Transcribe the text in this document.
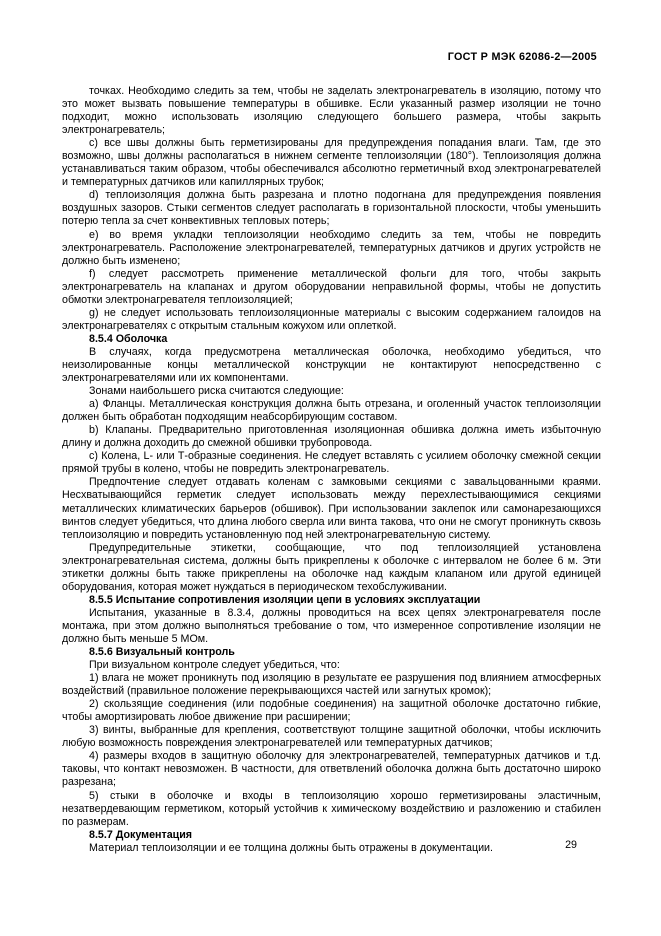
ГОСТ Р МЭК 62086-2—2005

точках. Необходимо следить за тем, чтобы не заделать электронагреватель в изоляцию, потому что это может вызвать повышение температуры в обшивке. Если указанный размер изоляции не точно подходит, можно использовать изоляцию следующего большего размера, чтобы закрыть электронагреватель;

c) все швы должны быть герметизированы для предупреждения попадания влаги. Там, где это возможно, швы должны располагаться в нижнем сегменте теплоизоляции (180°). Теплоизоляция должна устанавливаться таким образом, чтобы обеспечивался абсолютно герметичный вход электронагревателей и температурных датчиков или капиллярных трубок;

d) теплоизоляция должна быть разрезана и плотно подогнана для предупреждения появления воздушных зазоров. Стыки сегментов следует располагать в горизонтальной плоскости, чтобы уменьшить потерю тепла за счет конвективных тепловых потерь;

e) во время укладки теплоизоляции необходимо следить за тем, чтобы не повредить электронагреватель. Расположение электронагревателей, температурных датчиков и других устройств не должно быть изменено;

f) следует рассмотреть применение металлической фольги для того, чтобы закрыть электронагреватель на клапанах и другом оборудовании неправильной формы, чтобы не допустить обмотки электронагревателя теплоизоляцией;

g) не следует использовать теплоизоляционные материалы с высоким содержанием галоидов на электронагревателях с открытым стальным кожухом или оплеткой.

8.5.4 Оболочка

В случаях, когда предусмотрена металлическая оболочка, необходимо убедиться, что неизолированные концы металлической конструкции не контактируют непосредственно с электронагревателями или их компонентами.

Зонами наибольшего риска считаются следующие:

a) Фланцы. Металлическая конструкция должна быть отрезана, и оголенный участок теплоизоляции должен быть обработан подходящим неабсорбирующим составом.

b) Клапаны. Предварительно приготовленная изоляционная обшивка должна иметь избыточную длину и должна доходить до смежной обшивки трубопровода.

c) Колена, L- или Т-образные соединения. Не следует вставлять с усилием оболочку смежной секции прямой трубы в колено, чтобы не повредить электронагреватель.

Предпочтение следует отдавать коленам с замковыми секциями с завальцованными краями. Несхватывающийся герметик следует использовать между перехлестывающимися секциями металлических климатических барьеров (обшивок). При использовании заклепок или самонарезающихся винтов следует убедиться, что длина любого сверла или винта такова, что они не смогут проникнуть сквозь теплоизоляцию и повредить установленную под ней электронагревательную систему.

Предупредительные этикетки, сообщающие, что под теплоизоляцией установлена электронагревательная система, должны быть прикреплены к оболочке с интервалом не более 6 м. Эти этикетки должны быть также прикреплены на оболочке над каждым клапаном или другой единицей оборудования, которая может нуждаться в периодическом техобслуживании.

8.5.5 Испытание сопротивления изоляции цепи в условиях эксплуатации

Испытания, указанные в 8.3.4, должны проводиться на всех цепях электронагревателя после монтажа, при этом должно выполняться требование о том, что измеренное сопротивление изоляции не должно быть меньше 5 МОм.

8.5.6 Визуальный контроль

При визуальном контроле следует убедиться, что:

1) влага не может проникнуть под изоляцию в результате ее разрушения под влиянием атмосферных воздействий (правильное положение перекрывающихся частей или загнутых кромок);

2) скользящие соединения (или подобные соединения) на защитной оболочке достаточно гибкие, чтобы амортизировать любое движение при расширении;

3) винты, выбранные для крепления, соответствуют толщине защитной оболочки, чтобы исключить любую возможность повреждения электронагревателей или температурных датчиков;

4) размеры входов в защитную оболочку для электронагревателей, температурных датчиков и т.д. таковы, что контакт невозможен. В частности, для ответвлений оболочка должна быть достаточно широко разрезана;

5) стыки в оболочке и входы в теплоизоляцию хорошо герметизированы эластичным, незатвердевающим герметиком, который устойчив к химическому воздействию и разложению и стабилен по размерам.

8.5.7 Документация

Материал теплоизоляции и ее толщина должны быть отражены в документации.	29
